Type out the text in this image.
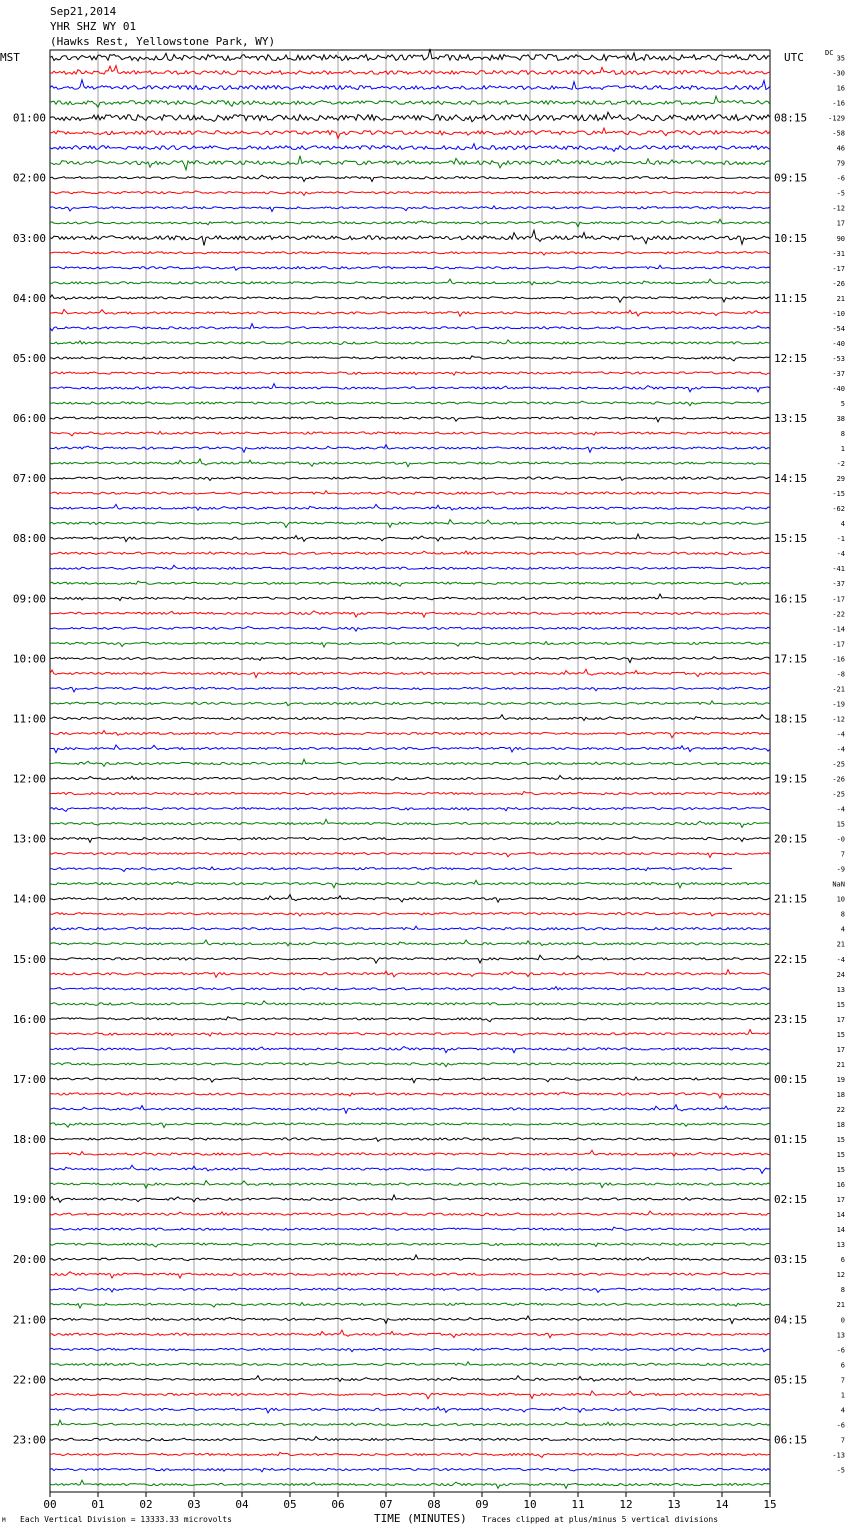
Sep21,2014
YHR SHZ WY 01
(Hawks Rest, Yellowstone Park, WY)
MST	UTC	DC
01:00
02:00
03:00
04:00
05:00
06:00
07:00
08:00
09:00
10:00
11:00
12:00
13:00
14:00
15:00
16:00
17:00
18:00
19:00
20:00
21:00
22:00
23:00
08:15
09:15
10:15
11:15
12:15
13:15
14:15
15:15
16:15
17:15
18:15
19:15
20:15
21:15
22:15
23:15
00:15
01:15
02:15
03:15
04:15
05:15
06:15
35
-30
16
-16
-129
-58
46
79
-6
-5
-12
17
90
-31
-17
-26
21
-10
-54
-40
-53
-37
-40
5
38
8
1
-2
29
-15
-62
4
-1
-4
-41
-37
-17
-22
-14
-17
-16
-8
-21
-19
-12
-4
-4
-25
-26
-25
-4
15
-0
7
-9
NaN
10
8
4
21
-4
24
13
15
17
15
17
21
19
18
22
18
15
15
15
16
17
14
14
13
6
12
8
21
0
13
-6
6
7
1
4
-6
7
-13
-5
00	01	02	03	04	05	06	07	08	09	10	11	12	13	14	15
M Each Vertical Division = 13333.33 microvolts	TIME (MINUTES) Traces clipped at plus/minus 5 vertical divisions
